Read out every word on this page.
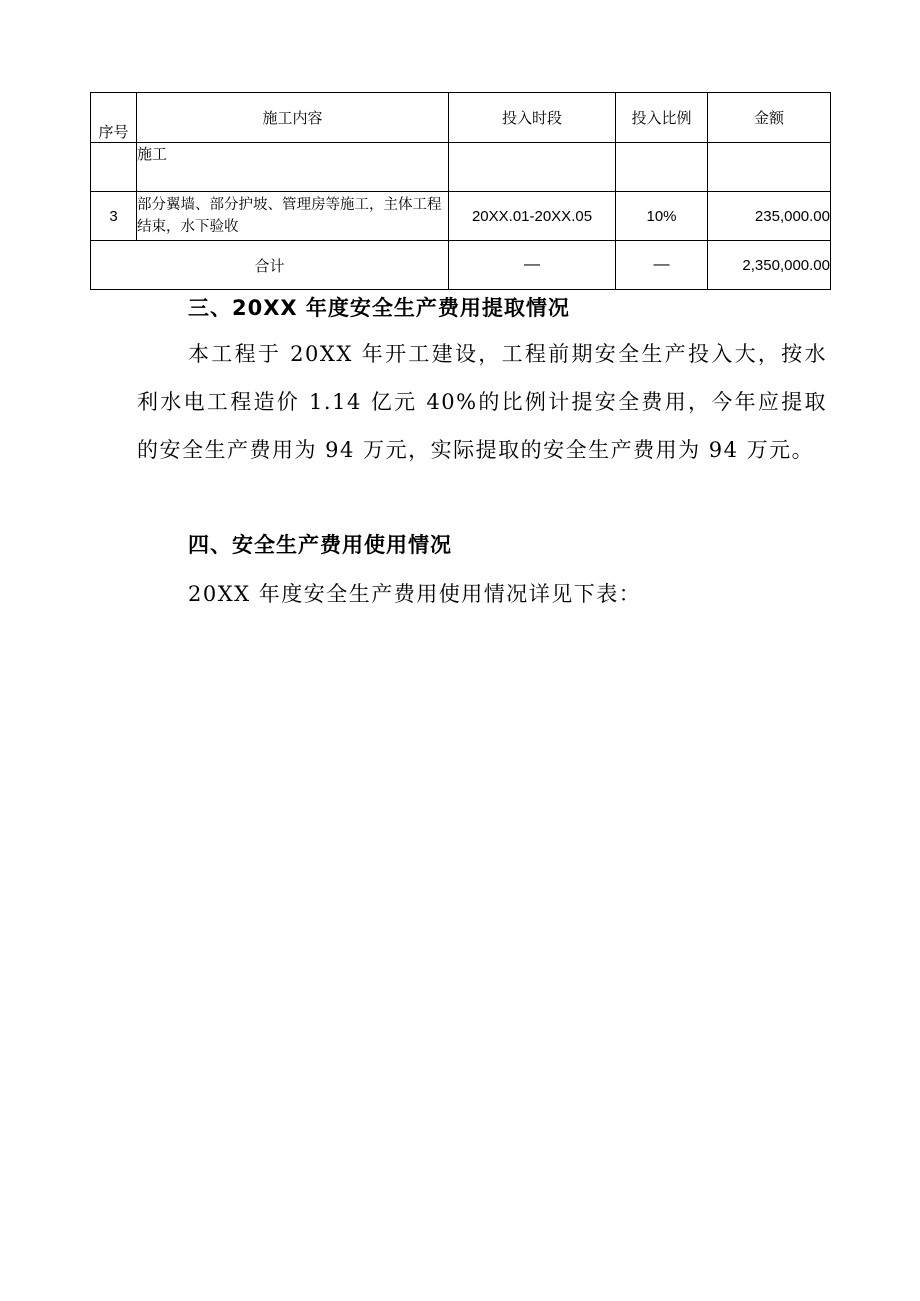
序号	施工内容	投入时段	投入比例	金额
	施工			
3	部分翼墙、部分护坡、管理房等施工，主体工程结束，水下验收	20XX.01-20XX.05	10%	235,000.00
合计		—	—	2,350,000.00
三、20XX 年度安全生产费用提取情况

本工程于 20XX 年开工建设，工程前期安全生产投入大，按水利水电工程造价 1.14 亿元 40%的比例计提安全费用，今年应提取的安全生产费用为 94 万元，实际提取的安全生产费用为 94 万元。

四、安全生产费用使用情况

20XX 年度安全生产费用使用情况详见下表：
